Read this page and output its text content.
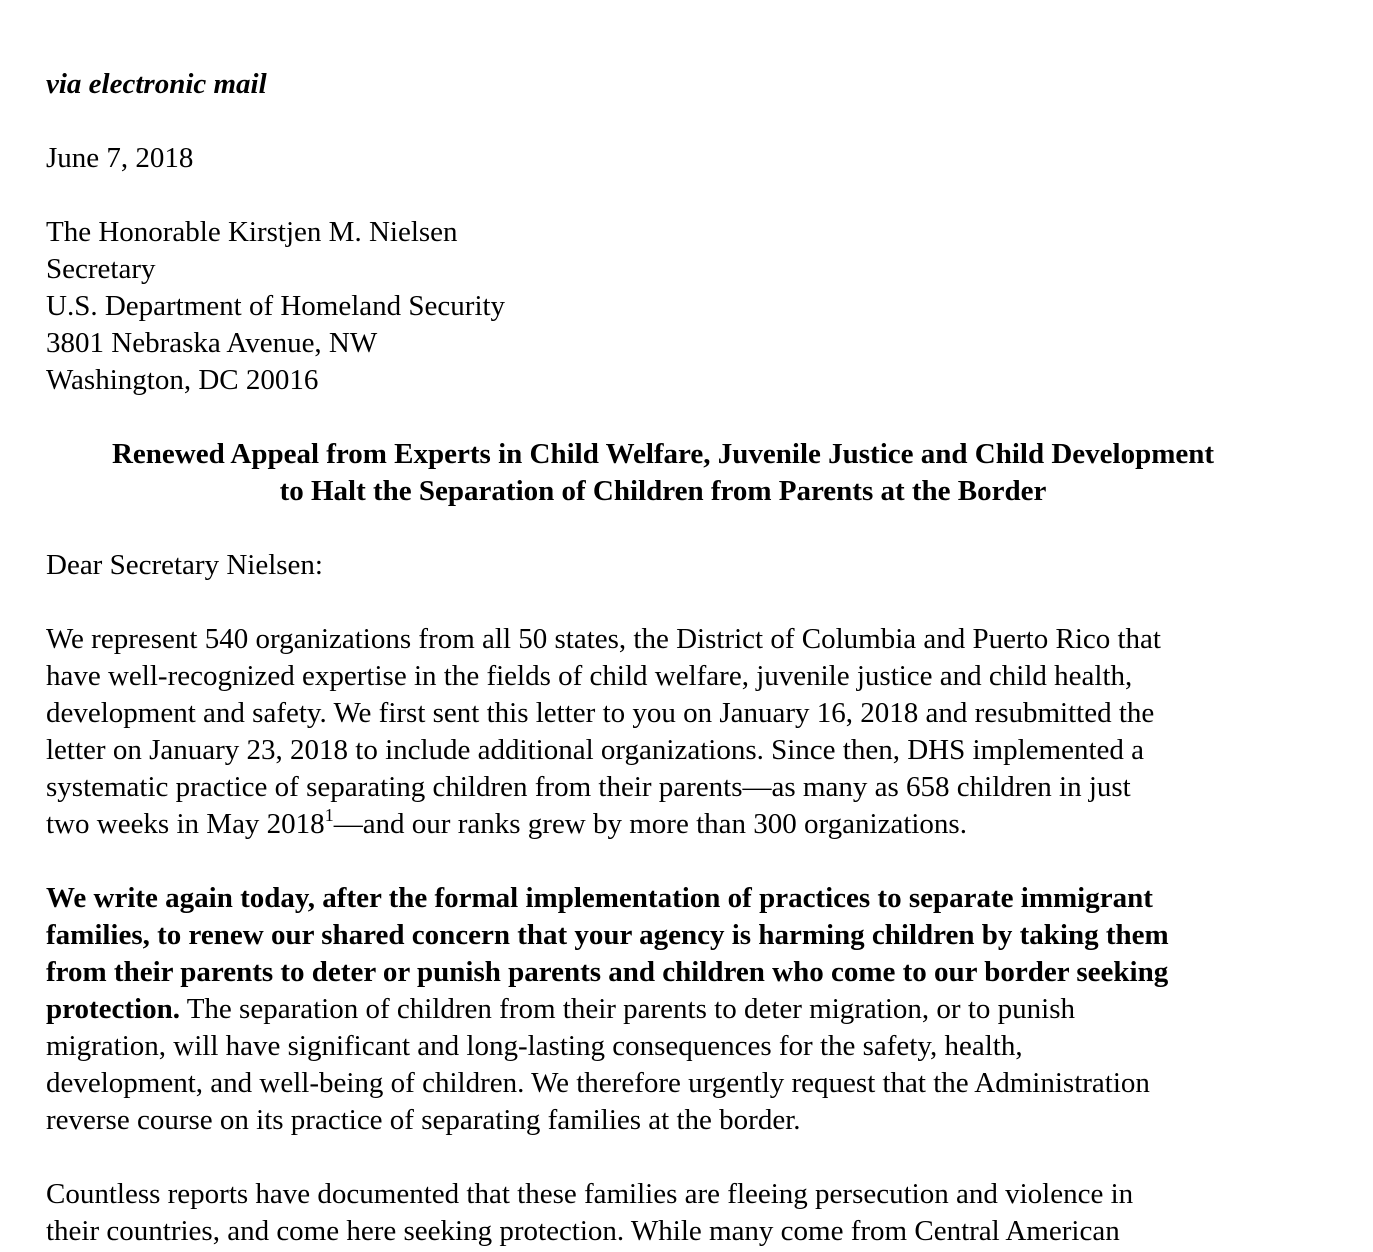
via electronic mail

June 7, 2018

The Honorable Kirstjen M. Nielsen

Secretary

U.S. Department of Homeland Security

3801 Nebraska Avenue, NW

Washington, DC 20016

Renewed Appeal from Experts in Child Welfare, Juvenile Justice and Child Development

to Halt the Separation of Children from Parents at the Border

Dear Secretary Nielsen:

We represent 540 organizations from all 50 states, the District of Columbia and Puerto Rico that
have well-recognized expertise in the fields of child welfare, juvenile justice and child health,
development and safety. We first sent this letter to you on January 16, 2018 and resubmitted the
letter on January 23, 2018 to include additional organizations. Since then, DHS implemented a
systematic practice of separating children from their parents—as many as 658 children in just
two weeks in May 2018$^1$—and our ranks grew by more than 300 organizations.
We write again today, after the formal implementation of practices to separate immigrant
families, to renew our shared concern that your agency is harming children by taking them
from their parents to deter or punish parents and children who come to our border seeking
protection. The separation of children from their parents to deter migration, or to punish
migration, will have significant and long-lasting consequences for the safety, health,
development, and well-being of children. We therefore urgently request that the Administration
reverse course on its practice of separating families at the border.
Countless reports have documented that these families are fleeing persecution and violence in
their countries, and come here seeking protection. While many come from Central American
